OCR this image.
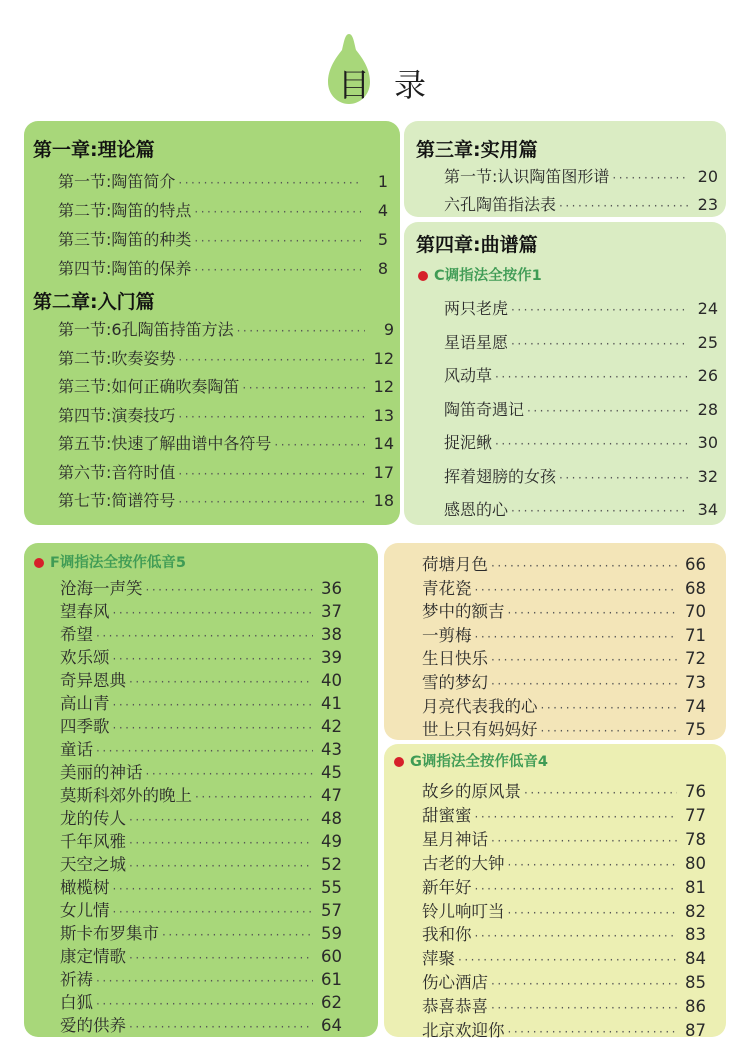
目录
第一章:理论篇
第一节:陶笛简介 ·····	1
第二节:陶笛的特点 ·····	4
第三节:陶笛的种类 ·····	5
第四节:陶笛的保养 ·····	8
第二章:入门篇
第一节:6孔陶笛持笛方法 ·····	9
第二节:吹奏姿势 ·····	12
第三节:如何正确吹奏陶笛 ·····	12
第四节:演奏技巧 ·····	13
第五节:快速了解曲谱中各符号 ·····	14
第六节:音符时值 ·····	17
第七节:简谱符号 ·····	18
第三章:实用篇
第一节:认识陶笛图形谱 ·····	20
六孔陶笛指法表 ·····	23
第四章:曲谱篇
C调指法全按作1
两只老虎 ·····	24
星语星愿 ·····	25
风动草 ·····	26
陶笛奇遇记 ·····	28
捉泥鳅 ·····	30
挥着翅膀的女孩 ·····	32
感恩的心 ·····	34
F调指法全按作低音5
沧海一声笑 ·····	36
望春风 ·····	37
希望 ·····	38
欢乐颂 ·····	39
奇异恩典 ·····	40
高山青 ·····	41
四季歌 ·····	42
童话 ·····	43
美丽的神话 ·····	45
莫斯科郊外的晚上 ·····	47
龙的传人 ·····	48
千年风雅 ·····	49
天空之城 ·····	52
橄榄树 ·····	55
女儿情 ·····	57
斯卡布罗集市 ·····	59
康定情歌 ·····	60
祈祷 ·····	61
白狐 ·····	62
爱的供养 ·····	64
荷塘月色 ·····	66
青花瓷 ·····	68
梦中的额吉 ·····	70
一剪梅 ·····	71
生日快乐 ·····	72
雪的梦幻 ·····	73
月亮代表我的心 ·····	74
世上只有妈妈好 ·····	75
G调指法全按作低音4
故乡的原风景 ·····	76
甜蜜蜜 ·····	77
星月神话 ·····	78
古老的大钟 ·····	80
新年好 ·····	81
铃儿响叮当 ·····	82
我和你 ·····	83
萍聚 ·····	84
伤心酒店 ·····	85
恭喜恭喜 ·····	86
北京欢迎你 ·····	87
